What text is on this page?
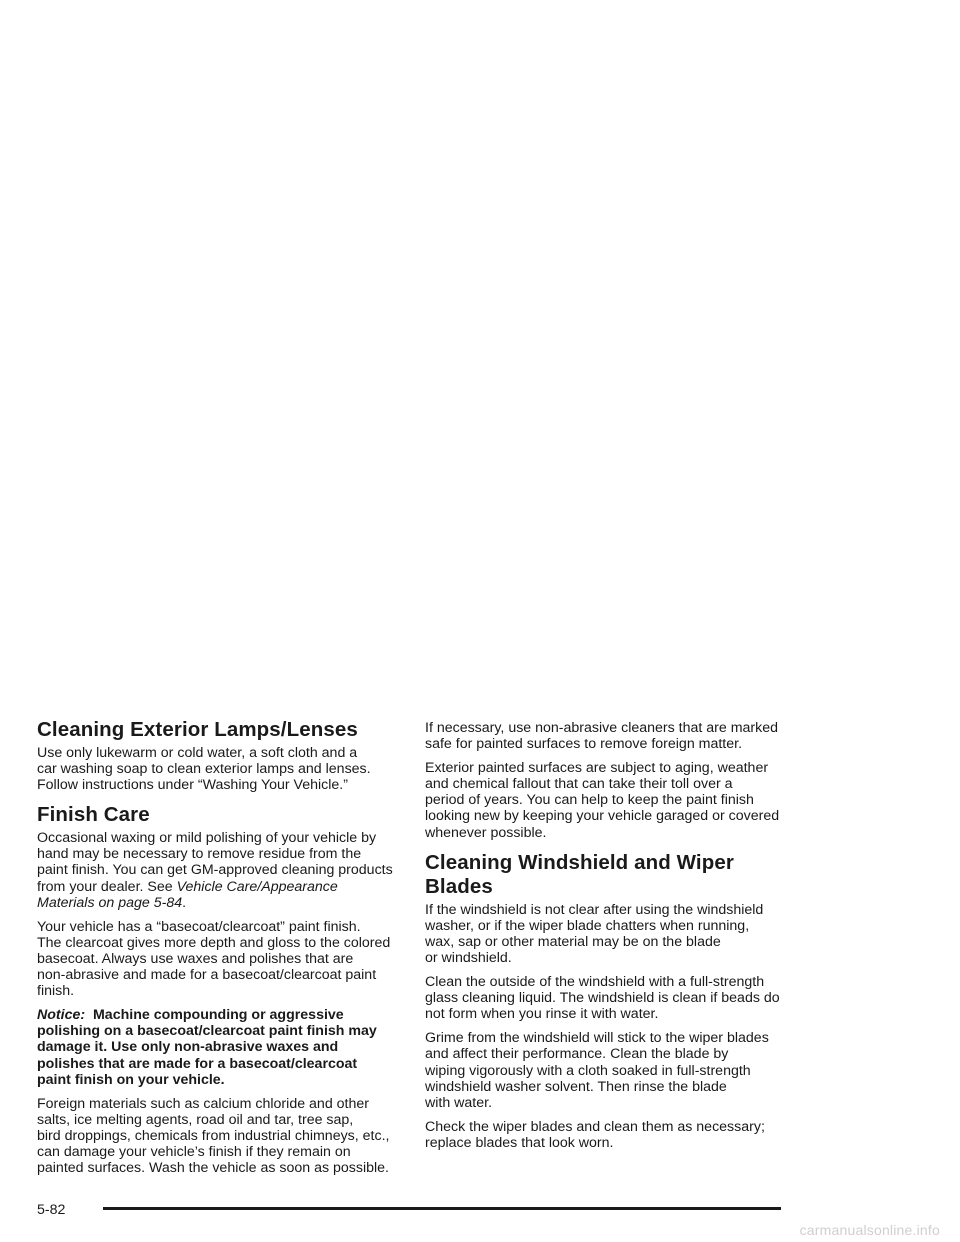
Cleaning Exterior Lamps/Lenses

Use only lukewarm or cold water, a soft cloth and a
car washing soap to clean exterior lamps and lenses.
Follow instructions under “Washing Your Vehicle.”

Finish Care

Occasional waxing or mild polishing of your vehicle by
hand may be necessary to remove residue from the
paint finish. You can get GM-approved cleaning products
from your dealer. See Vehicle Care/Appearance
Materials on page 5-84.

Your vehicle has a “basecoat/clearcoat” paint finish.
The clearcoat gives more depth and gloss to the colored
basecoat. Always use waxes and polishes that are
non-abrasive and made for a basecoat/clearcoat paint
finish.

Notice: Machine compounding or aggressive
polishing on a basecoat/clearcoat paint finish may
damage it. Use only non-abrasive waxes and
polishes that are made for a basecoat/clearcoat
paint finish on your vehicle.

Foreign materials such as calcium chloride and other
salts, ice melting agents, road oil and tar, tree sap,
bird droppings, chemicals from industrial chimneys, etc.,
can damage your vehicle’s finish if they remain on
painted surfaces. Wash the vehicle as soon as possible.

If necessary, use non-abrasive cleaners that are marked
safe for painted surfaces to remove foreign matter.

Exterior painted surfaces are subject to aging, weather
and chemical fallout that can take their toll over a
period of years. You can help to keep the paint finish
looking new by keeping your vehicle garaged or covered
whenever possible.

Cleaning Windshield and Wiper Blades

If the windshield is not clear after using the windshield
washer, or if the wiper blade chatters when running,
wax, sap or other material may be on the blade
or windshield.

Clean the outside of the windshield with a full-strength
glass cleaning liquid. The windshield is clean if beads do
not form when you rinse it with water.

Grime from the windshield will stick to the wiper blades
and affect their performance. Clean the blade by
wiping vigorously with a cloth soaked in full-strength
windshield washer solvent. Then rinse the blade
with water.

Check the wiper blades and clean them as necessary;
replace blades that look worn.

5-82
carmanualsonline.info
